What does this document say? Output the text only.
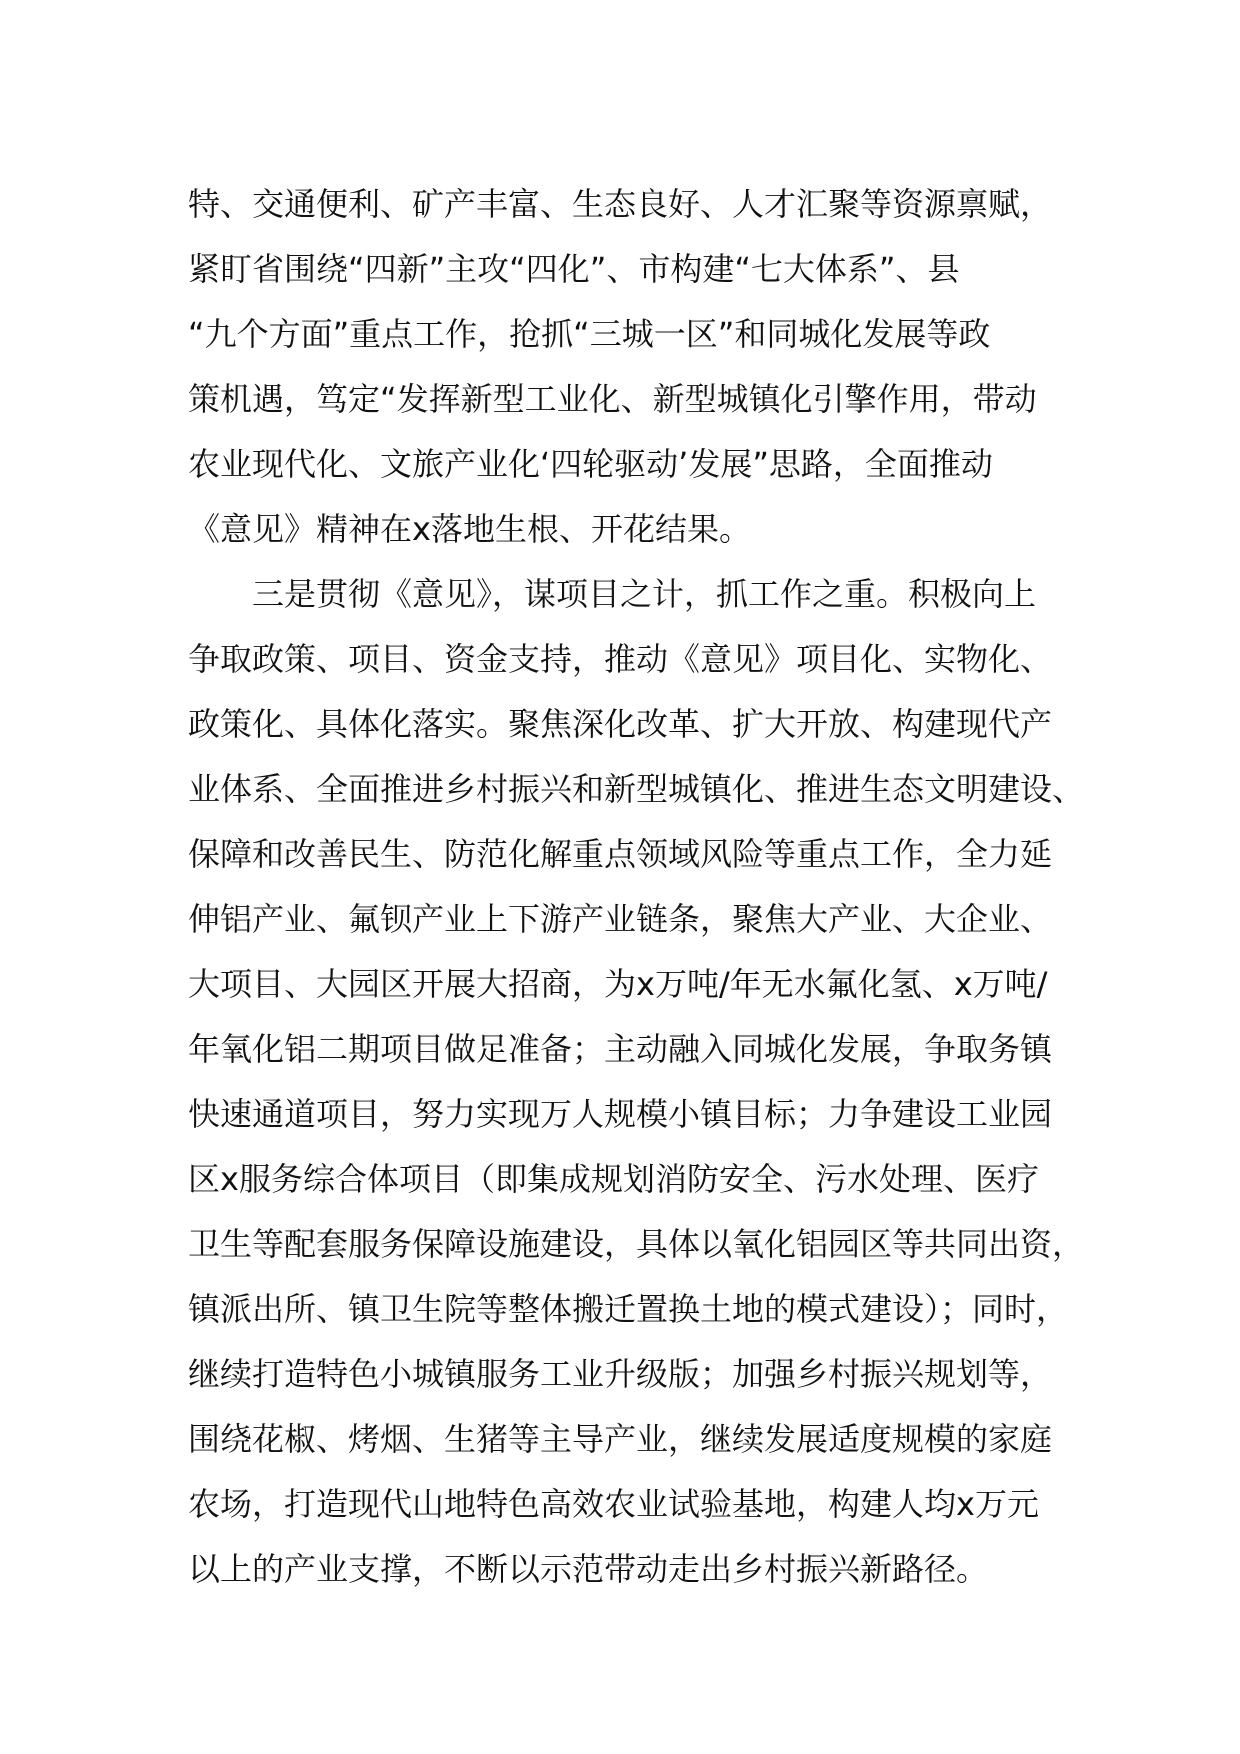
特、交通便利、矿产丰富、生态良好、人才汇聚等资源禀赋，
紧盯省围绕“四新”主攻“四化”、市构建“七大体系”、县
“九个方面”重点工作，抢抓“三城一区”和同城化发展等政
策机遇，笃定“发挥新型工业化、新型城镇化引擎作用，带动
农业现代化、文旅产业化‘四轮驱动’发展”思路，全面推动
《意见》精神在x落地生根、开花结果。
三是贯彻《意见》，谋项目之计，抓工作之重。积极向上
争取政策、项目、资金支持，推动《意见》项目化、实物化、
政策化、具体化落实。聚焦深化改革、扩大开放、构建现代产
业体系、全面推进乡村振兴和新型城镇化、推进生态文明建设、
保障和改善民生、防范化解重点领域风险等重点工作，全力延
伸铝产业、氟钡产业上下游产业链条，聚焦大产业、大企业、
大项目、大园区开展大招商，为x万吨/年无水氟化氢、x万吨/
年氧化铝二期项目做足准备；主动融入同城化发展，争取务镇
快速通道项目，努力实现万人规模小镇目标；力争建设工业园
区x服务综合体项目（即集成规划消防安全、污水处理、医疗
卫生等配套服务保障设施建设，具体以氧化铝园区等共同出资，
镇派出所、镇卫生院等整体搬迁置换土地的模式建设）；同时，
继续打造特色小城镇服务工业升级版；加强乡村振兴规划等，
围绕花椒、烤烟、生猪等主导产业，继续发展适度规模的家庭
农场，打造现代山地特色高效农业试验基地，构建人均x万元
以上的产业支撑，不断以示范带动走出乡村振兴新路径。
